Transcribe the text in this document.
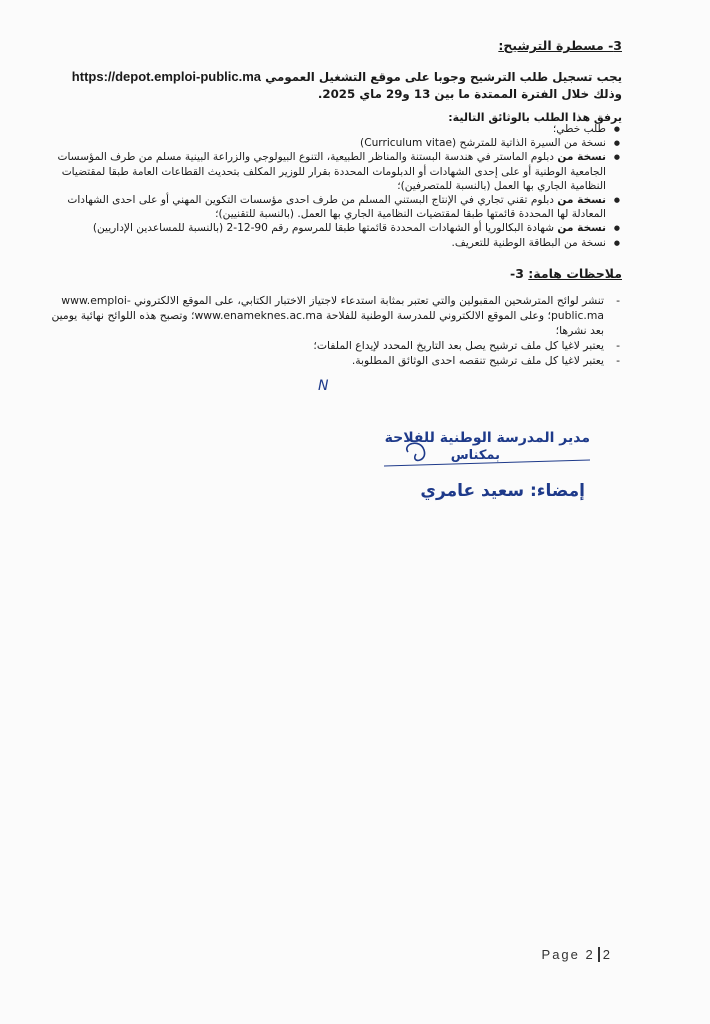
3- مسطرة الترشيح:
يجب تسجيل طلب الترشيح وجوبا على موقع التشغيل العمومي https://depot.emploi-public.ma وذلك خلال الفترة الممتدة ما بين 13 و29 ماي 2025.
يرفق هذا الطلب بالوثائق التالية:
● طلب خطي؛
● نسخة من السيرة الذاتية للمترشح (Curriculum vitae)
● نسخة من دبلوم الماستر في هندسة البستنة والمناظر الطبيعية، التنوع البيولوجي والزراعة البينية مسلم من طرف المؤسسات الجامعية الوطنية أو على إحدى الشهادات أو الدبلومات المحددة بقرار للوزير المكلف بتحديث القطاعات العامة طبقا لمقتضيات النظامية الجاري بها العمل (بالنسبة للمتصرفين)؛
● نسخة من دبلوم تقني تجاري في الإنتاج البستني المسلم من طرف احدى مؤسسات التكوين المهني أو على احدى الشهادات المعادلة لها المحددة قائمتها طبقا لمقتضيات النظامية الجاري بها العمل. (بالنسبة للتقنيين)؛
● نسخة من شهادة البكالوريا أو الشهادات المحددة قائمتها طبقا للمرسوم رقم 90-12-2 (بالنسبة للمساعدين الإداريين)
● نسخة من البطاقة الوطنية للتعريف.
ملاحظات هامة: 3-
- تنشر لوائح المترشحين المقبولين والتي تعتبر بمثابة استدعاء لاجتياز الاختبار الكتابي، على الموقع الالكتروني www.emploi-public.ma؛ وعلى الموقع الالكتروني للمدرسة الوطنية للفلاحة www.enameknes.ac.ma؛ وتصبح هذه اللوائح نهائية يومين بعد نشرها؛
- يعتبر لاغيا كل ملف ترشيح يصل بعد التاريخ المحدد لإيداع الملفات؛
- يعتبر لاغيا كل ملف ترشيح تنقصه احدى الوثائق المطلوبة.
N
مدير المدرسة الوطنية للفلاحة
بمكناس
إمضاء: سعيد عامري
Page 2 2
